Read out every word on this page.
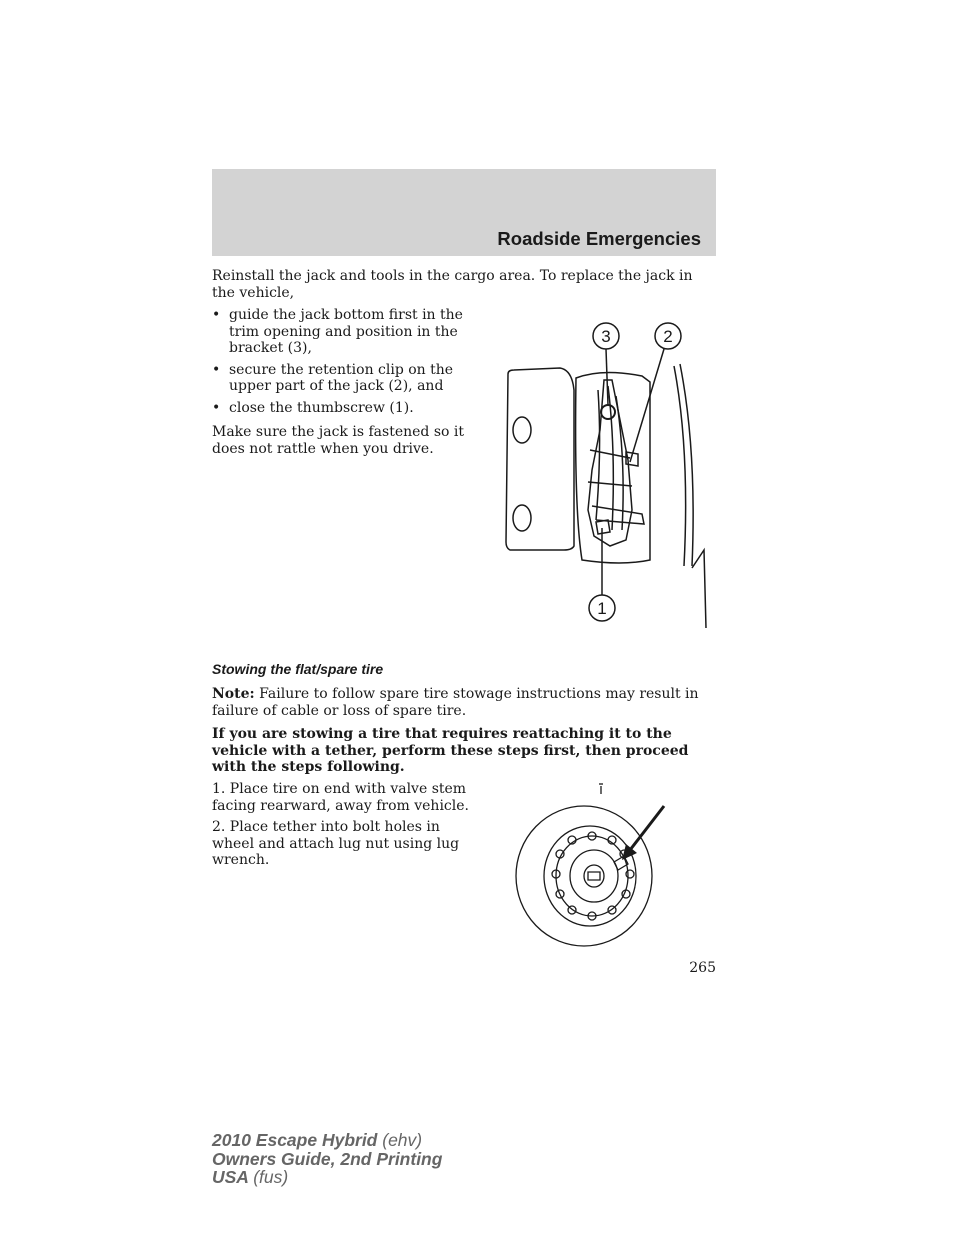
Roadside Emergencies

Reinstall the jack and tools in the cargo area. To replace the jack in the vehicle,

• guide the jack bottom first in the trim opening and position in the bracket (3),
• secure the retention clip on the upper part of the jack (2), and
• close the thumbscrew (1).

Make sure the jack is fastened so it does not rattle when you drive.

3	2
1
Stowing the flat/spare tire

Note: Failure to follow spare tire stowage instructions may result in failure of cable or loss of spare tire.

If you are stowing a tire that requires reattaching it to the vehicle with a tether, perform these steps first, then proceed with the steps following.

1. Place tire on end with valve stem facing rearward, away from vehicle.

2. Place tether into bolt holes in wheel and attach lug nut using lug wrench.

265
2010 Escape Hybrid (ehv)
Owners Guide, 2nd Printing
USA (fus)
